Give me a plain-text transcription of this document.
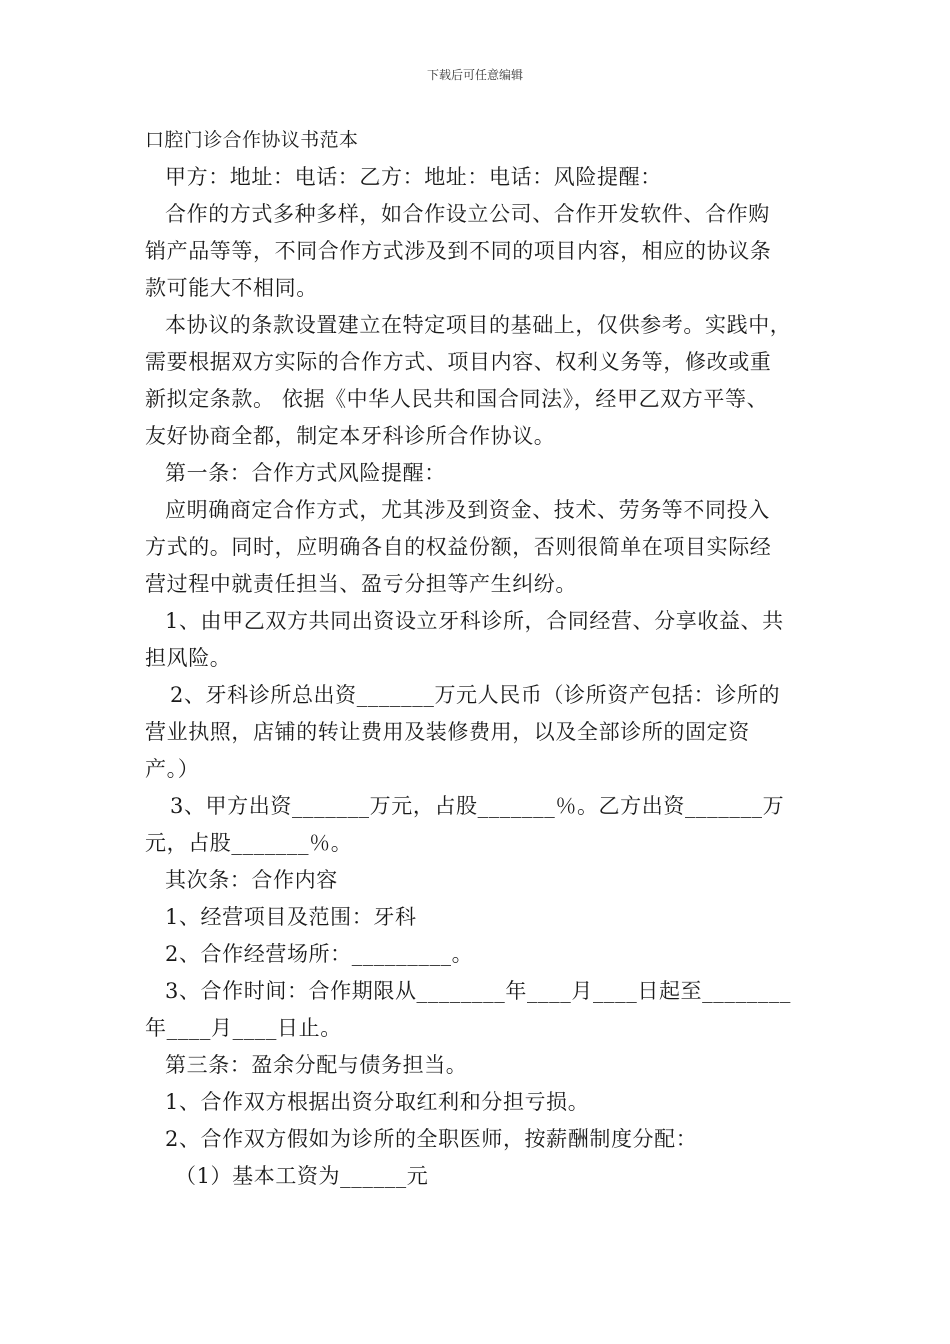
下载后可任意编辑
口腔门诊合作协议书范本
甲方：地址：电话：乙方：地址：电话：风险提醒：
合作的方式多种多样，如合作设立公司、合作开发软件、合作购
销产品等等，不同合作方式涉及到不同的项目内容，相应的协议条
款可能大不相同。
本协议的条款设置建立在特定项目的基础上，仅供参考。实践中，
需要根据双方实际的合作方式、项目内容、权利义务等，修改或重
新拟定条款。 依据《中华人民共和国合同法》，经甲乙双方平等、
友好协商全都，制定本牙科诊所合作协议。
第一条：合作方式风险提醒：
应明确商定合作方式，尤其涉及到资金、技术、劳务等不同投入
方式的。同时，应明确各自的权益份额，否则很简单在项目实际经
营过程中就责任担当、盈亏分担等产生纠纷。
1、由甲乙双方共同出资设立牙科诊所，合同经营、分享收益、共
担风险。
2、牙科诊所总出资_______万元人民币（诊所资产包括：诊所的
营业执照，店铺的转让费用及装修费用，以及全部诊所的固定资
产。）
3、甲方出资_______万元，占股_______％。乙方出资_______万
元，占股_______％。
其次条：合作内容
1、经营项目及范围：牙科
2、合作经营场所：_________。
3、合作时间：合作期限从________年____月____日起至________
年____月____日止。
第三条：盈余分配与债务担当。
1、合作双方根据出资分取红利和分担亏损。
2、合作双方假如为诊所的全职医师，按薪酬制度分配：
（1）基本工资为______元
